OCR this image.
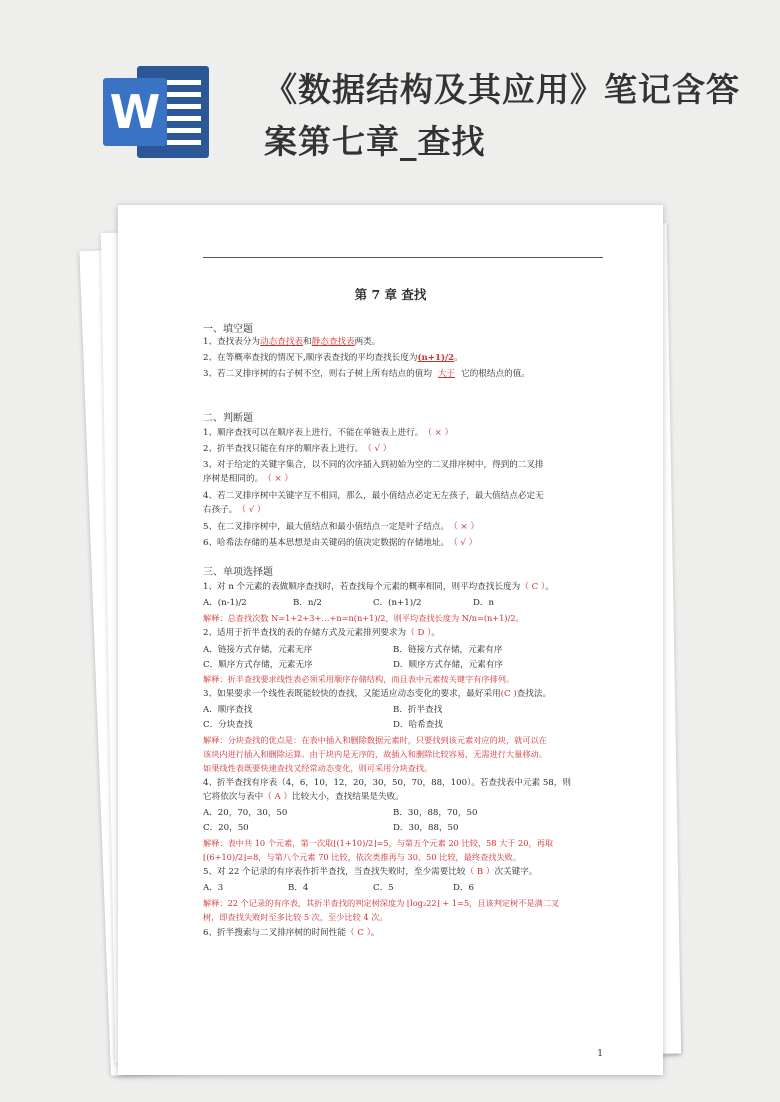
W	《数据结构及其应用》笔记含答案第七章_查找
第 7 章 查找
一、填空题
1、查找表分为动态查找表和静态查找表两类。
2、在等概率查找的情况下,顺序表查找的平均查找长度为(n+1)/2。
3、若二叉排序树的右子树不空，则右子树上所有结点的值均 大于 它的根结点的值。
二、判断题
1、顺序查找可以在顺序表上进行，不能在单链表上进行。　 （ × ）
2、折半查找只能在有序的顺序表上进行。　 （ √ ）
3、对于给定的关键字集合，以不同的次序插入到初始为空的二叉排序树中，得到的二叉排
序树是相同的。　 （ × ）
4、若二叉排序树中关键字互不相同，那么，最小值结点必定无左孩子，最大值结点必定无
右孩子。　 （ √ ）
5、在二叉排序树中，最大值结点和最小值结点一定是叶子结点。　 （ × ）
6、哈希法存储的基本思想是由关键码的值决定数据的存储地址。　 （ √ ）
三、单项选择题
1、对 n 个元素的表做顺序查找时，若查找每个元素的概率相同，则平均查找长度为（ C ）。
A．(n-1)/2	B．n/2	C．(n+1)/2	D．n
解释：总查找次数 N=1+2+3+…+n=n(n+1)/2，则平均查找长度为 N/n=(n+1)/2。
2、适用于折半查找的表的存储方式及元素排列要求为（ D ）。
A．链接方式存储，元素无序	B．链接方式存储，元素有序
C．顺序方式存储，元素无序	D．顺序方式存储，元素有序
解释：折半查找要求线性表必须采用顺序存储结构，而且表中元素按关键字有序排列。
3、如果要求一个线性表既能较快的查找，又能适应动态变化的要求，最好采用(C )查找法。
A．顺序查找	B．折半查找
C．分块查找	D．哈希查找
解释：分块查找的优点是：在表中插入和删除数据元素时，只要找到该元素对应的块，就可以在
该块内进行插入和删除运算。由于块内是无序的，故插入和删除比较容易，无需进行大量移动。
如果线性表既要快速查找又经常动态变化，则可采用分块查找。
4、折半查找有序表（4，6，10，12，20，30，50，70，88，100）。若查找表中元素 58，则
它将依次与表中（ A ）比较大小，查找结果是失败。
A．20，70，30，50	B．30，88，70，50
C．20，50	D．30，88，50
解释：表中共 10 个元素，第一次取⌊(1+10)/2⌋=5，与第五个元素 20 比较，58 大于 20，再取
⌊(6+10)/2⌋=8，与第八个元素 70 比较，依次类推再与 30、50 比较，最终查找失败。
5、对 22 个记录的有序表作折半查找，当查找失败时，至少需要比较（ B ）次关键字。
A．3	B．4	C．5	D．6
解释：22 个记录的有序表，其折半查找的判定树深度为 ⌊log₂22⌋ + 1=5，且该判定树不是满二叉
树，即查找失败时至多比较 5 次，至少比较 4 次。
6、折半搜索与二叉排序树的时间性能（ C ）。
1
